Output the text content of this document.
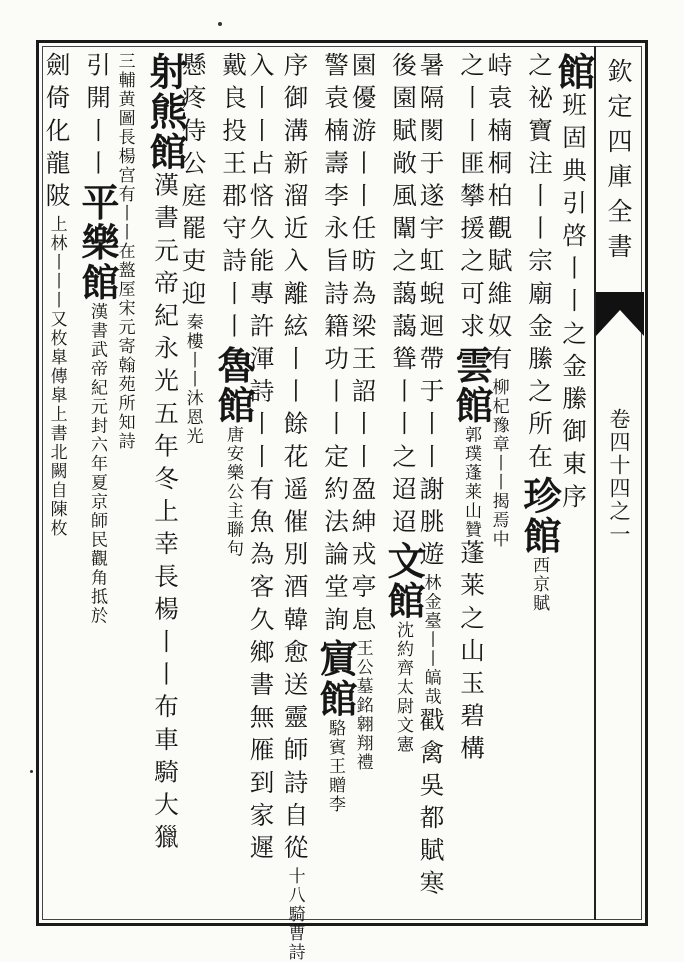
欽定四庫全書
卷四十四之一
館班固典引啓丨丨之金縢御東序
之祕寶注丨丨宗廟金縢之所在珍館西京賦
峙袁楠桐柏觀賦維奴有柳杞豫章丨丨揭焉中
之丨丨匪攀援之可求雲館郭璞蓬莱山贊蓬莱之山玉碧構
暑隔閡于遂宇虹蜺迴帶于丨丨謝朓遊林金臺丨丨皜哉戳禽吳都賦寒
後園賦敞風闈之藹藹聳丨丨之迢迢文館沈約齊太尉文憲
園優游丨丨任昉為梁王詔丨丨盈紳戎亭息王公墓銘翱翔禮
警袁楠壽李永旨詩籍功丨丨定約法論堂詢賔館駱賓王贈李
序御溝新溜近入離絃丨丨餘花遥催別酒韓愈送靈師詩自從十八騎曹詩
入丨丨占悋久能專許渾詩丨丨有魚為客久鄉書無雁到家遲
戴良投王郡守詩丨丨魯館唐安樂公主聯句
懸疼侍公庭罷吏迎秦樓丨丨沐恩光
射熊館漢書元帝紀永光五年冬上幸長楊丨丨布車騎大獵
三輔黄圖長楊宫有丨丨在盩厔宋元寄翰苑所知詩
引開丨丨平樂館漢書武帝紀元封六年夏京師民觀角抵於
劍倚化龍陂上林丨丨丨又枚臯傳臯上書北闕自陳枚
